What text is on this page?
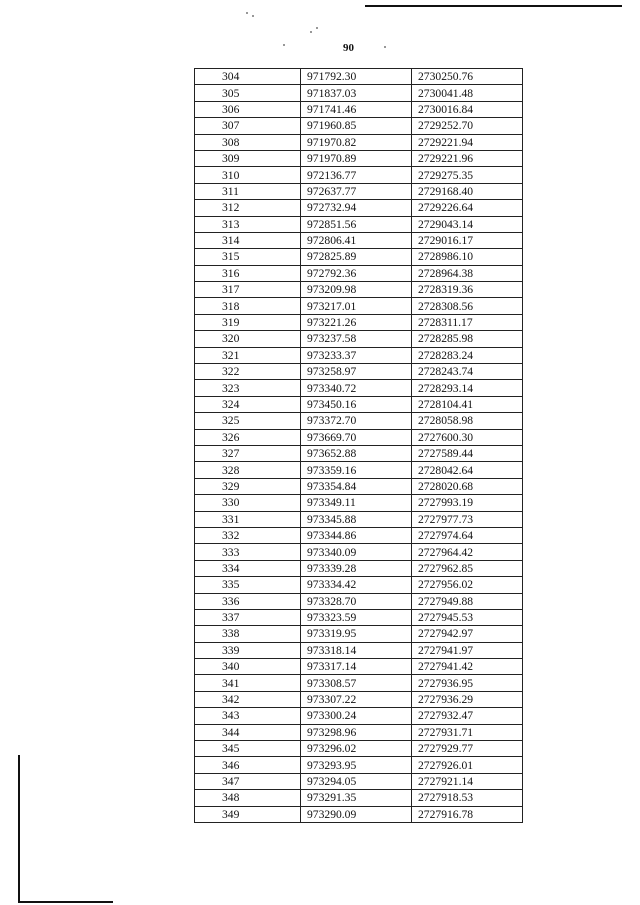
90
304	971792.30	2730250.76
305	971837.03	2730041.48
306	971741.46	2730016.84
307	971960.85	2729252.70
308	971970.82	2729221.94
309	971970.89	2729221.96
310	972136.77	2729275.35
311	972637.77	2729168.40
312	972732.94	2729226.64
313	972851.56	2729043.14
314	972806.41	2729016.17
315	972825.89	2728986.10
316	972792.36	2728964.38
317	973209.98	2728319.36
318	973217.01	2728308.56
319	973221.26	2728311.17
320	973237.58	2728285.98
321	973233.37	2728283.24
322	973258.97	2728243.74
323	973340.72	2728293.14
324	973450.16	2728104.41
325	973372.70	2728058.98
326	973669.70	2727600.30
327	973652.88	2727589.44
328	973359.16	2728042.64
329	973354.84	2728020.68
330	973349.11	2727993.19
331	973345.88	2727977.73
332	973344.86	2727974.64
333	973340.09	2727964.42
334	973339.28	2727962.85
335	973334.42	2727956.02
336	973328.70	2727949.88
337	973323.59	2727945.53
338	973319.95	2727942.97
339	973318.14	2727941.97
340	973317.14	2727941.42
341	973308.57	2727936.95
342	973307.22	2727936.29
343	973300.24	2727932.47
344	973298.96	2727931.71
345	973296.02	2727929.77
346	973293.95	2727926.01
347	973294.05	2727921.14
348	973291.35	2727918.53
349	973290.09	2727916.78
